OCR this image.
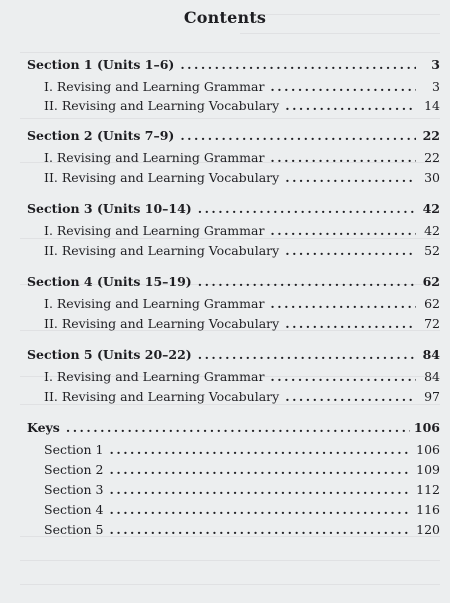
Contents
Section 1 (Units 1–6) .....	3
I. Revising and Learning Grammar .....	3
II. Revising and Learning Vocabulary .....	14
Section 2 (Units 7–9) .....	22
I. Revising and Learning Grammar .....	22
II. Revising and Learning Vocabulary .....	30
Section 3 (Units 10–14) .....	42
I. Revising and Learning Grammar .....	42
II. Revising and Learning Vocabulary .....	52
Section 4 (Units 15–19) .....	62
I. Revising and Learning Grammar .....	62
II. Revising and Learning Vocabulary .....	72
Section 5 (Units 20–22) .....	84
I. Revising and Learning Grammar .....	84
II. Revising and Learning Vocabulary .....	97
Keys .....	106
Section 1 .....	106
Section 2 .....	109
Section 3 .....	112
Section 4 .....	116
Section 5 .....	120
